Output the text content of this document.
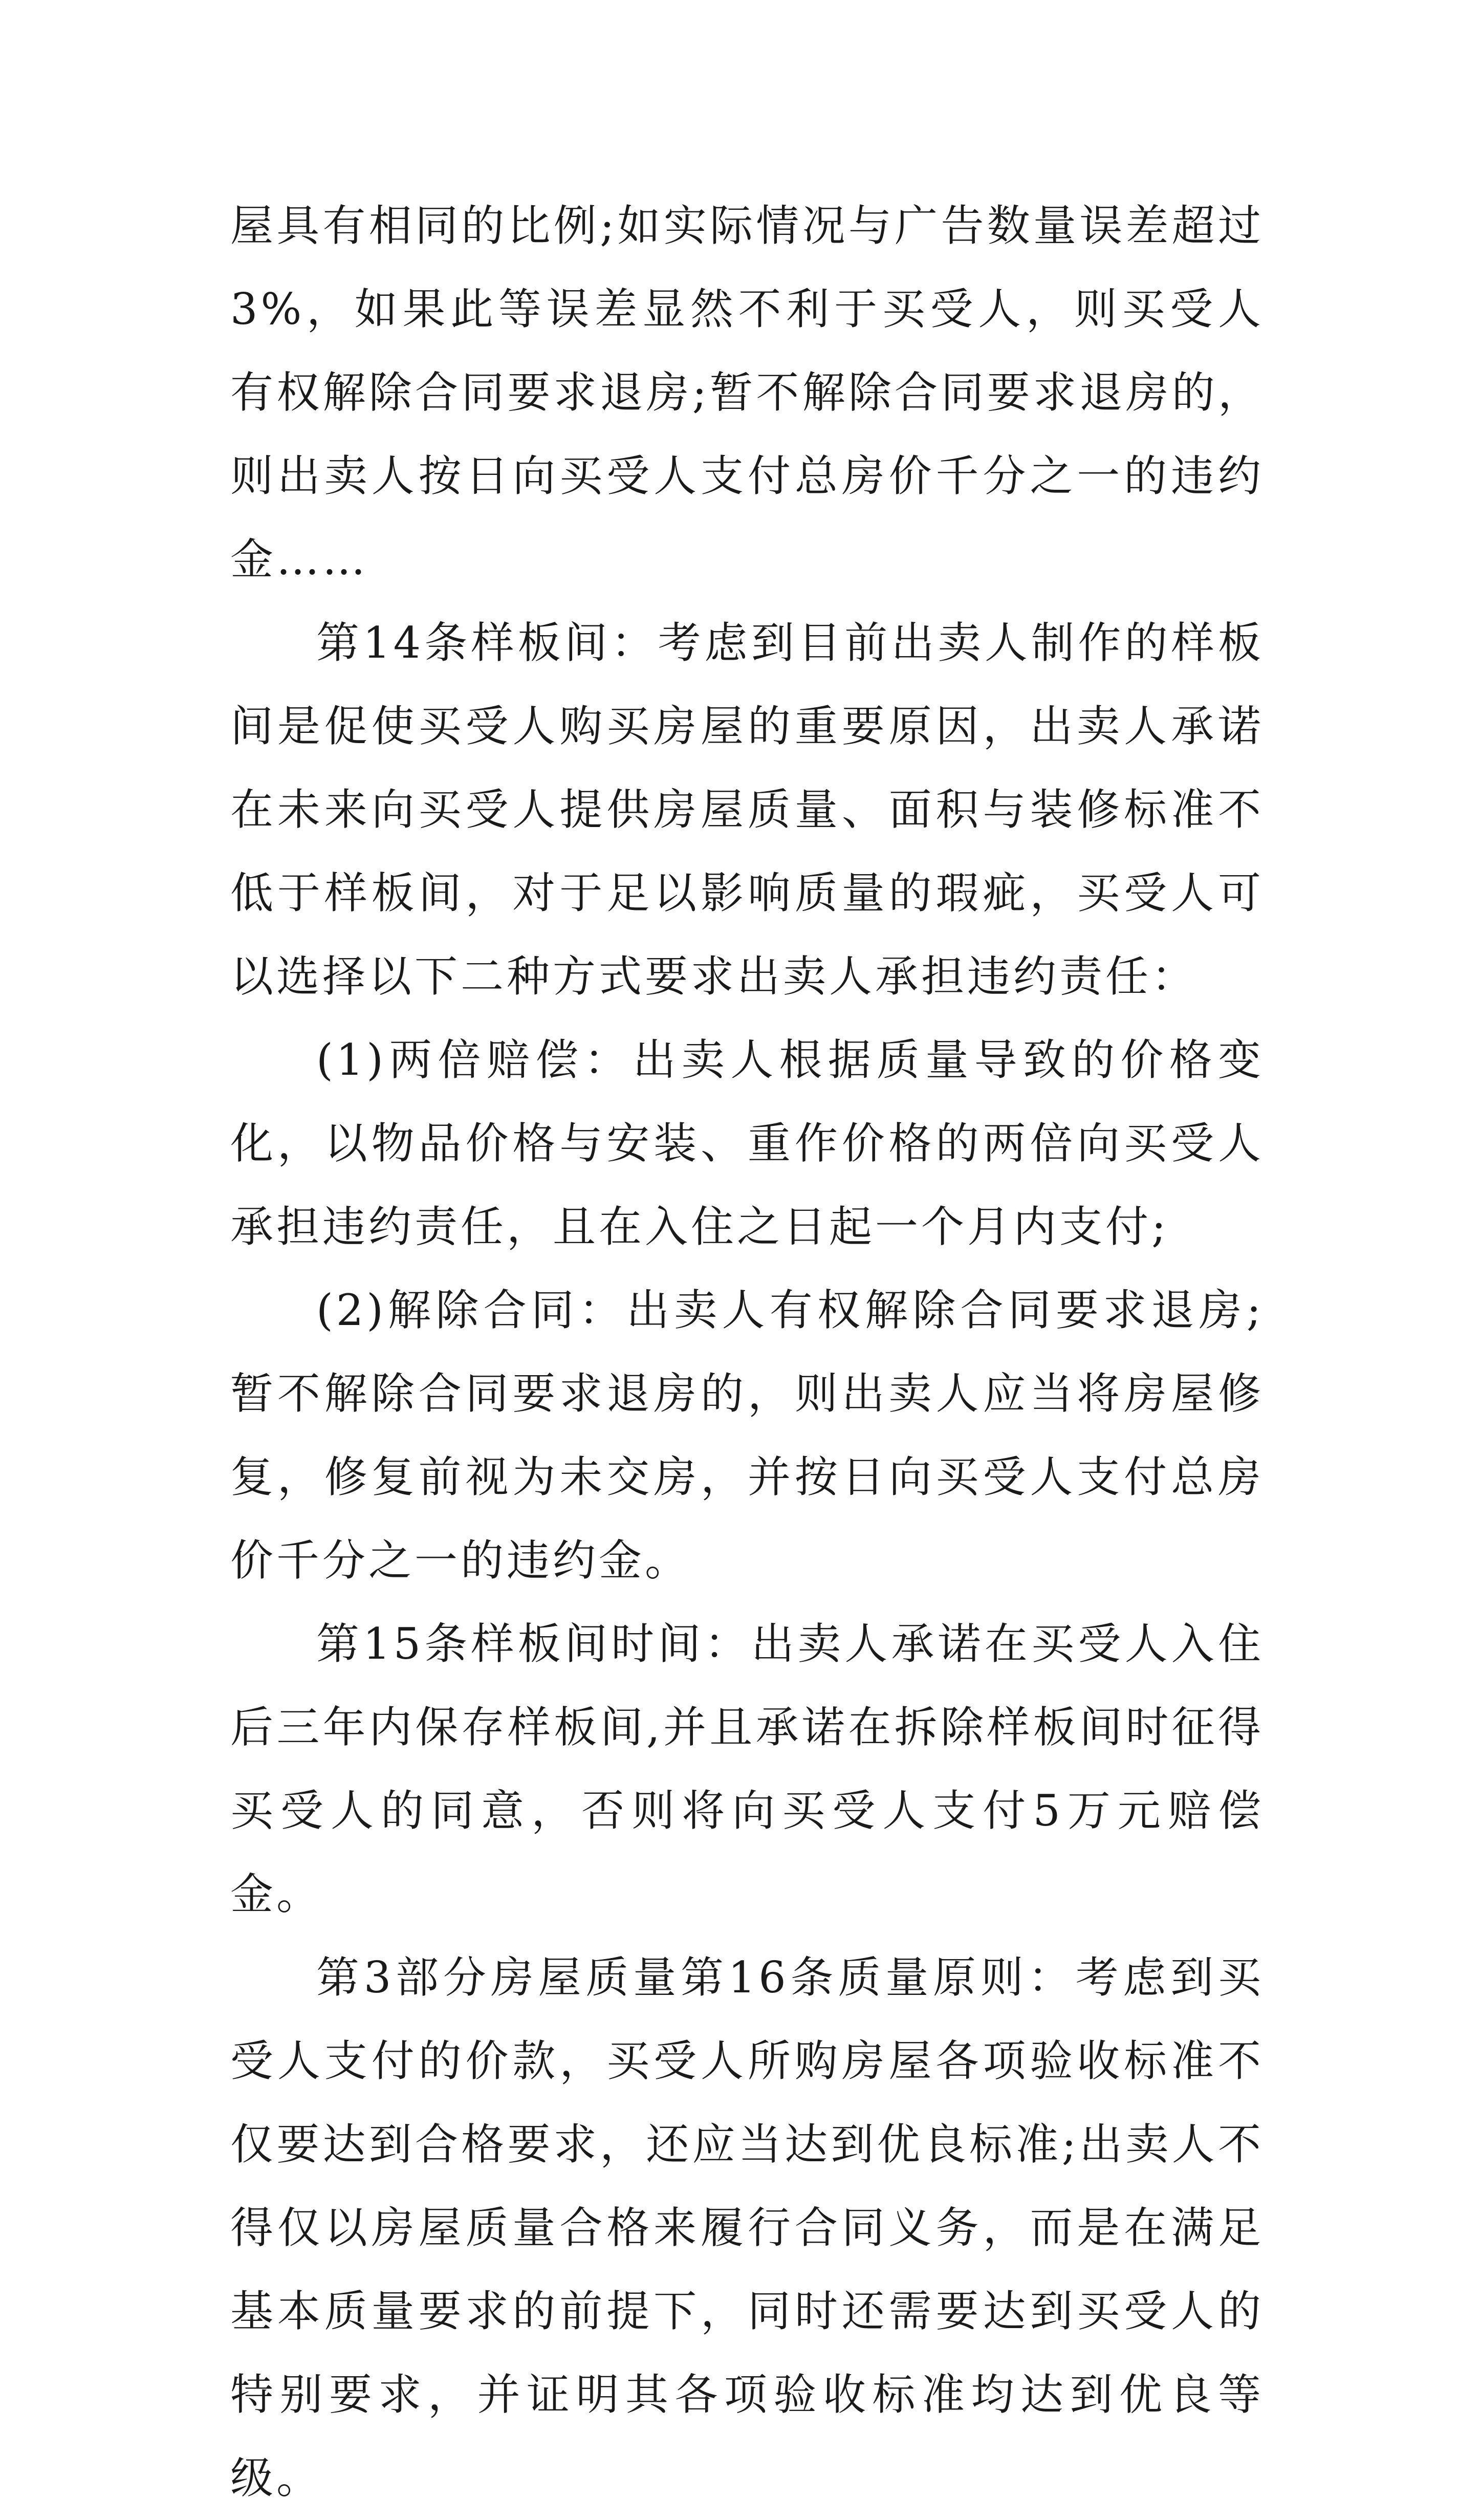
屋具有相同的比例;如实际情况与广告数量误差超过3%，如果此等误差显然不利于买受人，则买受人有权解除合同要求退房;暂不解除合同要求退房的，则出卖人按日向买受人支付总房价千分之一的违约金……

第14条样板间：考虑到目前出卖人制作的样板间是促使买受人购买房屋的重要原因，出卖人承诺在未来向买受人提供房屋质量、面积与装修标准不低于样板间，对于足以影响质量的瑕疵，买受人可以选择以下二种方式要求出卖人承担违约责任：

(1)两倍赔偿：出卖人根据质量导致的价格变化，以物品价格与安装、重作价格的两倍向买受人承担违约责任，且在入住之日起一个月内支付;

(2)解除合同：出卖人有权解除合同要求退房;暂不解除合同要求退房的，则出卖人应当将房屋修复，修复前视为未交房，并按日向买受人支付总房价千分之一的违约金。

第15条样板间时间：出卖人承诺在买受人入住后三年内保存样板间,并且承诺在拆除样板间时征得买受人的同意，否则将向买受人支付5万元赔偿金。

第3部分房屋质量第16条质量原则：考虑到买受人支付的价款，买受人所购房屋各项验收标准不仅要达到合格要求，还应当达到优良标准;出卖人不得仅以房屋质量合格来履行合同义务，而是在满足基本质量要求的前提下，同时还需要达到买受人的特别要求，并证明其各项验收标准均达到优良等级。
